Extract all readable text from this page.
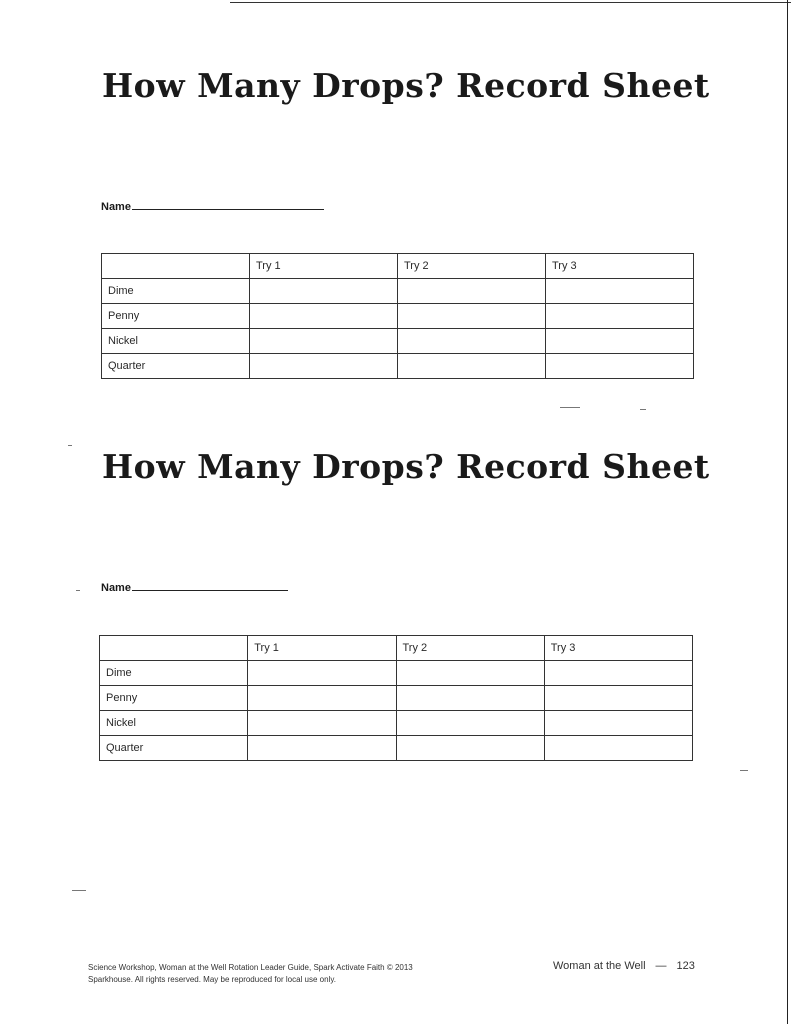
How Many Drops? Record Sheet
Name
	Try 1	Try 2	Try 3
Dime			
Penny			
Nickel			
Quarter			
How Many Drops? Record Sheet
Name
	Try 1	Try 2	Try 3
Dime			
Penny			
Nickel			
Quarter			
Science Workshop, Woman at the Well Rotation Leader Guide, Spark Activate Faith © 2013
Sparkhouse. All rights reserved. May be reproduced for local use only.
Woman at the Well — 123
